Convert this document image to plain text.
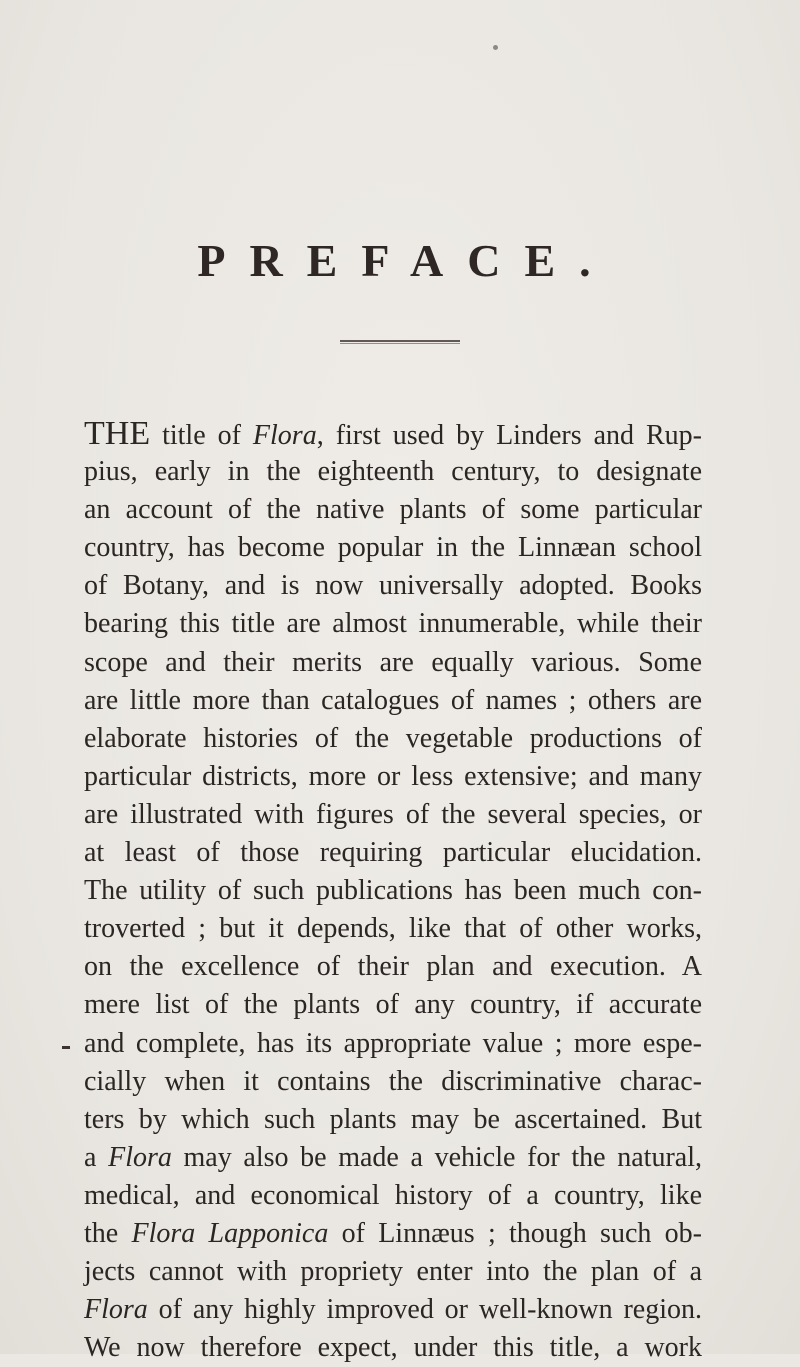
PREFACE.
THE title of Flora, first used by Linders and Rup-
pius, early in the eighteenth century, to designate
an account of the native plants of some particular
country, has become popular in the Linnæan school
of Botany, and is now universally adopted. Books
bearing this title are almost innumerable, while their
scope and their merits are equally various. Some
are little more than catalogues of names ; others are
elaborate histories of the vegetable productions of
particular districts, more or less extensive; and many
are illustrated with figures of the several species, or
at least of those requiring particular elucidation.
The utility of such publications has been much con-
troverted ; but it depends, like that of other works,
on the excellence of their plan and execution. A
mere list of the plants of any country, if accurate
and complete, has its appropriate value ; more espe-
cially when it contains the discriminative charac-
ters by which such plants may be ascertained. But
a Flora may also be made a vehicle for the natural,
medical, and economical history of a country, like
the Flora Lapponica of Linnæus ; though such ob-
jects cannot with propriety enter into the plan of a
Flora of any highly improved or well-known region.
We now therefore expect, under this title, a work
